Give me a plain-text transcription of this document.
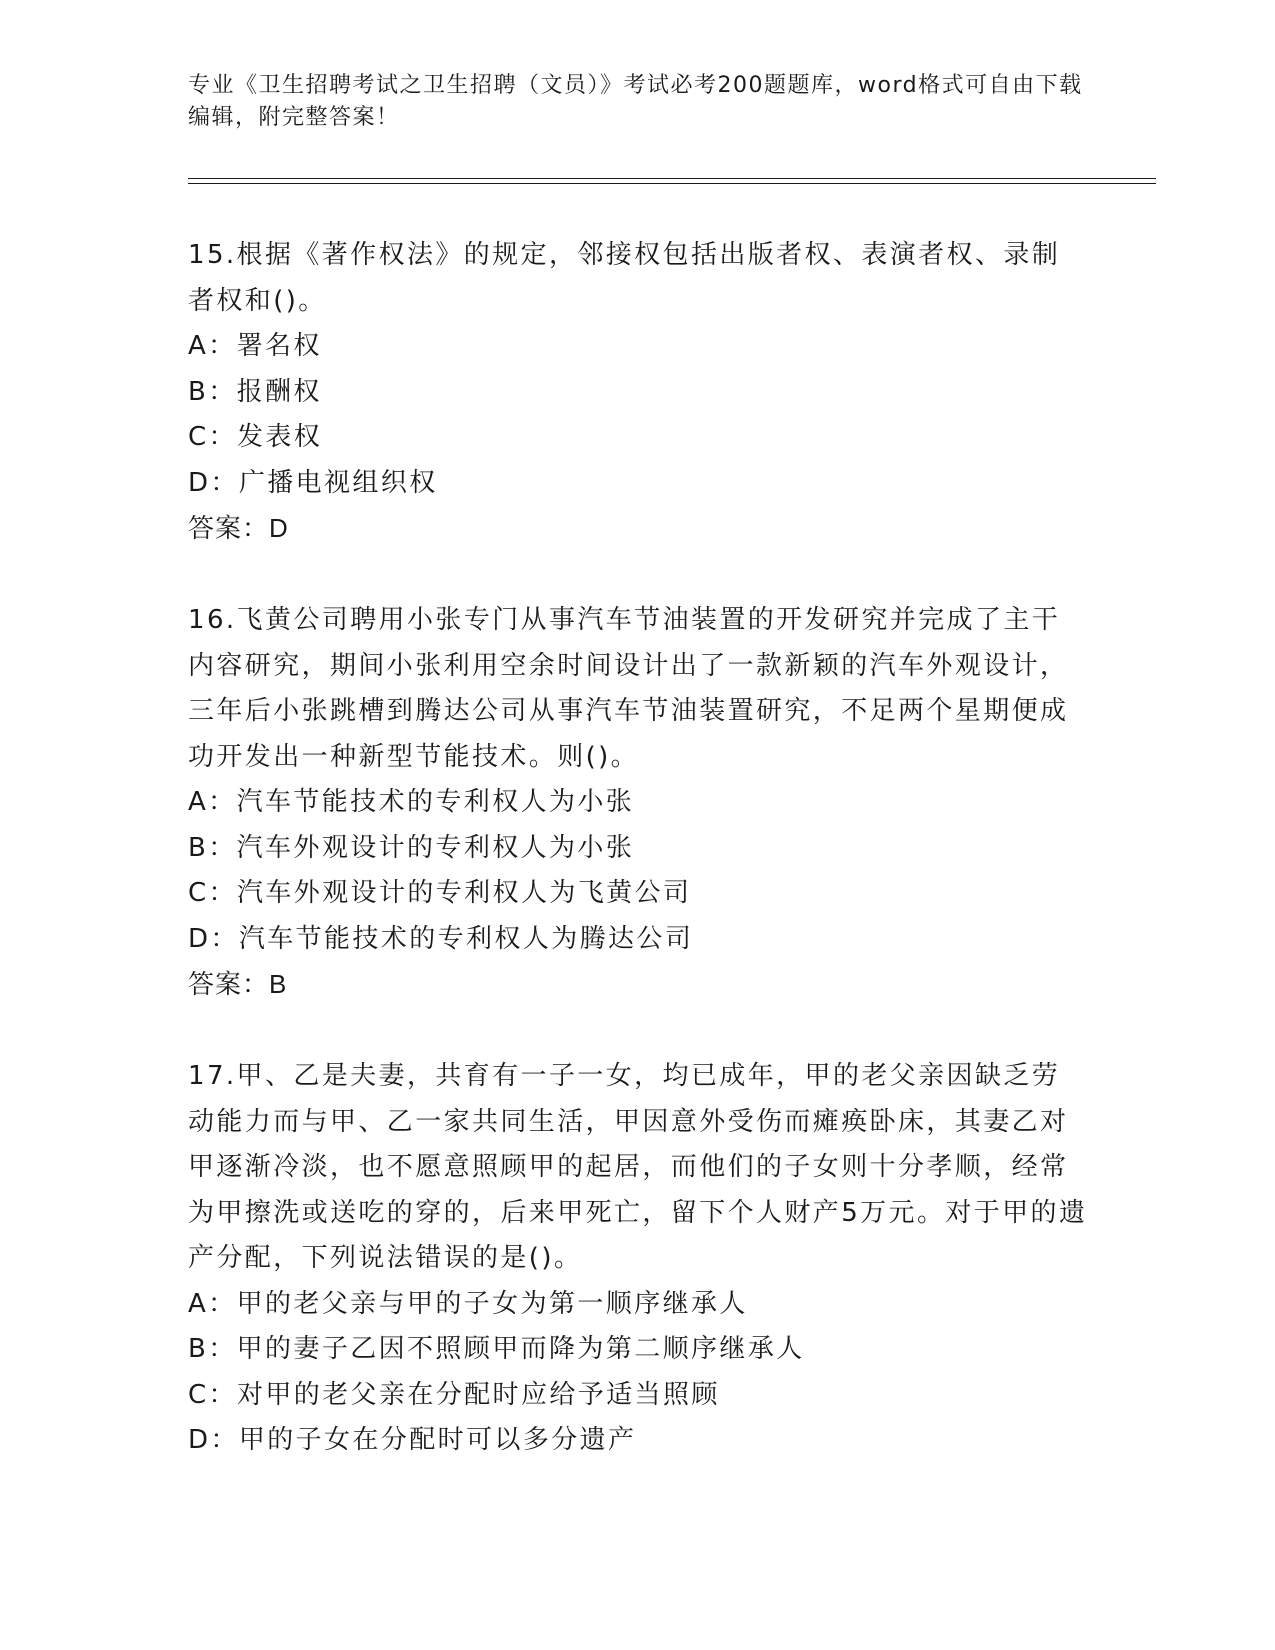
专业《卫生招聘考试之卫生招聘（文员）》考试必考200题题库，word格式可自由下载编辑，附完整答案！
15.根据《著作权法》的规定，邻接权包括出版者权、表演者权、录制者权和()。
A：署名权
B：报酬权
C：发表权
D：广播电视组织权
答案：D
16.飞黄公司聘用小张专门从事汽车节油装置的开发研究并完成了主干内容研究，期间小张利用空余时间设计出了一款新颖的汽车外观设计，三年后小张跳槽到腾达公司从事汽车节油装置研究，不足两个星期便成功开发出一种新型节能技术。则()。
A：汽车节能技术的专利权人为小张
B：汽车外观设计的专利权人为小张
C：汽车外观设计的专利权人为飞黄公司
D：汽车节能技术的专利权人为腾达公司
答案：B
17.甲、乙是夫妻，共育有一子一女，均已成年，甲的老父亲因缺乏劳动能力而与甲、乙一家共同生活，甲因意外受伤而瘫痪卧床，其妻乙对甲逐渐冷淡，也不愿意照顾甲的起居，而他们的子女则十分孝顺，经常为甲擦洗或送吃的穿的，后来甲死亡，留下个人财产5万元。对于甲的遗产分配，下列说法错误的是()。
A：甲的老父亲与甲的子女为第一顺序继承人
B：甲的妻子乙因不照顾甲而降为第二顺序继承人
C：对甲的老父亲在分配时应给予适当照顾
D：甲的子女在分配时可以多分遗产
